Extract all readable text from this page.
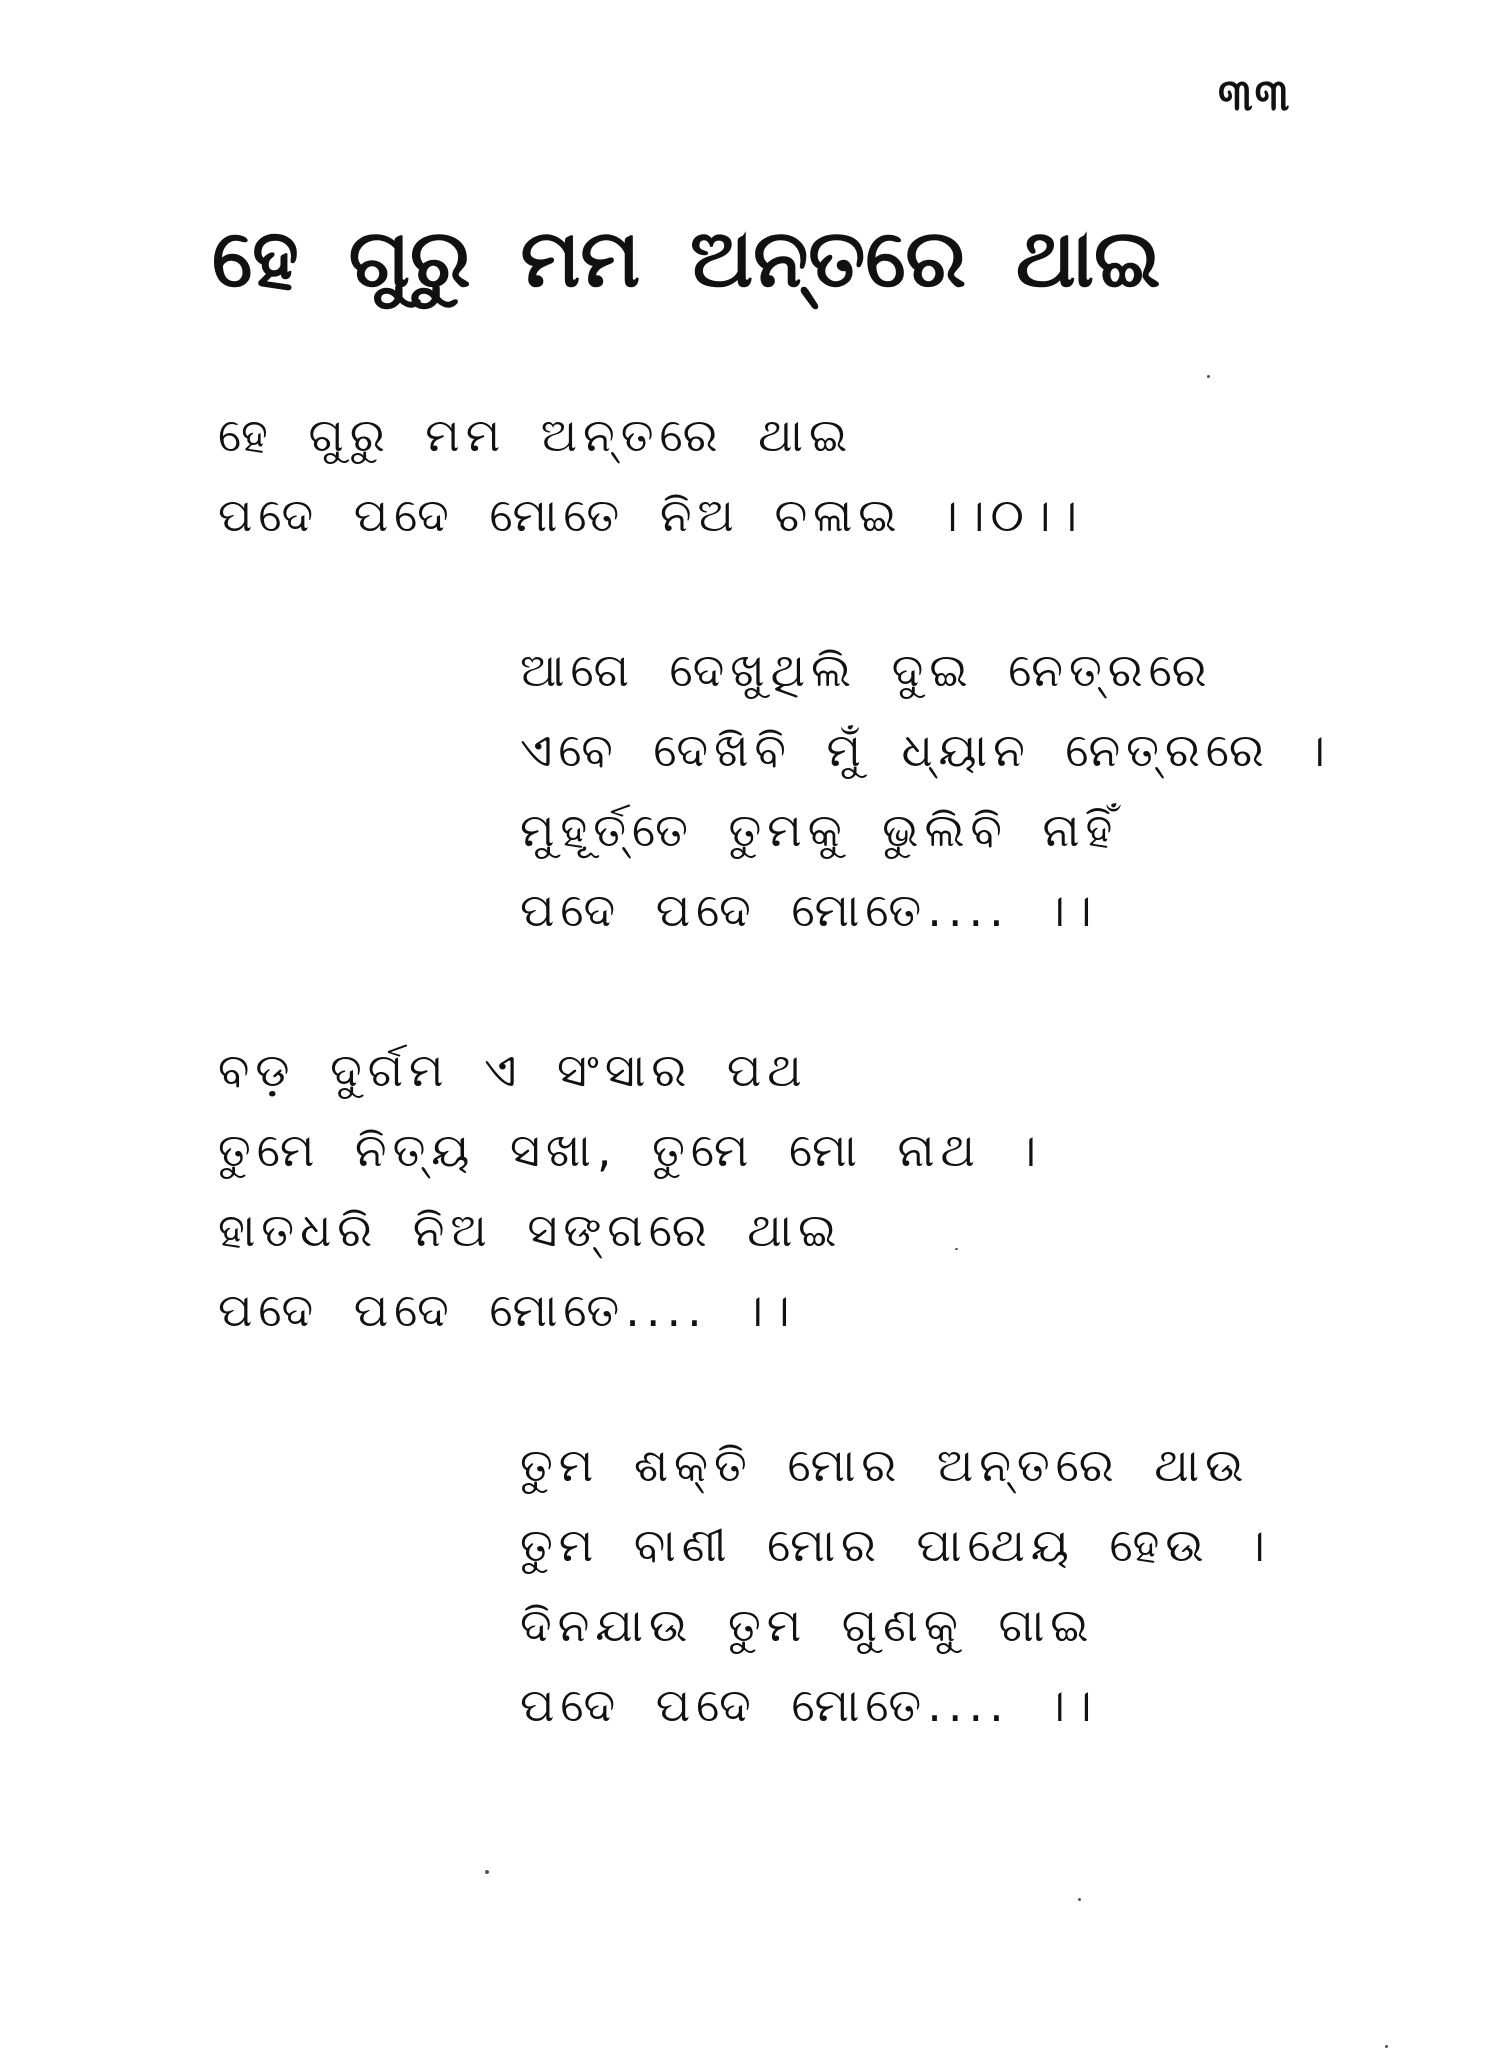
୩୩
ହେ ଗୁରୁ ମମ ଅନ୍ତରେ ଥାଇ
ହେ ଗୁରୁ ମମ ଅନ୍ତରେ ଥାଇ
ପଦେ ପଦେ ମୋତେ ନିଅ ଚଳାଇ ।।୦।।
ଆଗେ ଦେଖୁଥିଲି ଦୁଇ ନେତ୍ରରେ
ଏବେ ଦେଖିବି ମୁଁ ଧ୍ୟାନ ନେତ୍ରରେ ।
ମୁହୂର୍ତ୍ତେ ତୁମକୁ ଭୁଲିବି ନାହିଁ
ପଦେ ପଦେ ମୋତେ.... ।।
ବଡ଼ ଦୁର୍ଗମ ଏ ସଂସାର ପଥ
ତୁମେ ନିତ୍ୟ ସଖା, ତୁମେ ମୋ ନାଥ ।
ହାତଧରି ନିଅ ସଙ୍ଗରେ ଥାଇ
ପଦେ ପଦେ ମୋତେ.... ।।
ତୁମ ଶକ୍ତି ମୋର ଅନ୍ତରେ ଥାଉ
ତୁମ ବାଣୀ ମୋର ପାଥେୟ ହେଉ ।
ଦିନଯାଉ ତୁମ ଗୁଣକୁ ଗାଇ
ପଦେ ପଦେ ମୋତେ.... ।।
